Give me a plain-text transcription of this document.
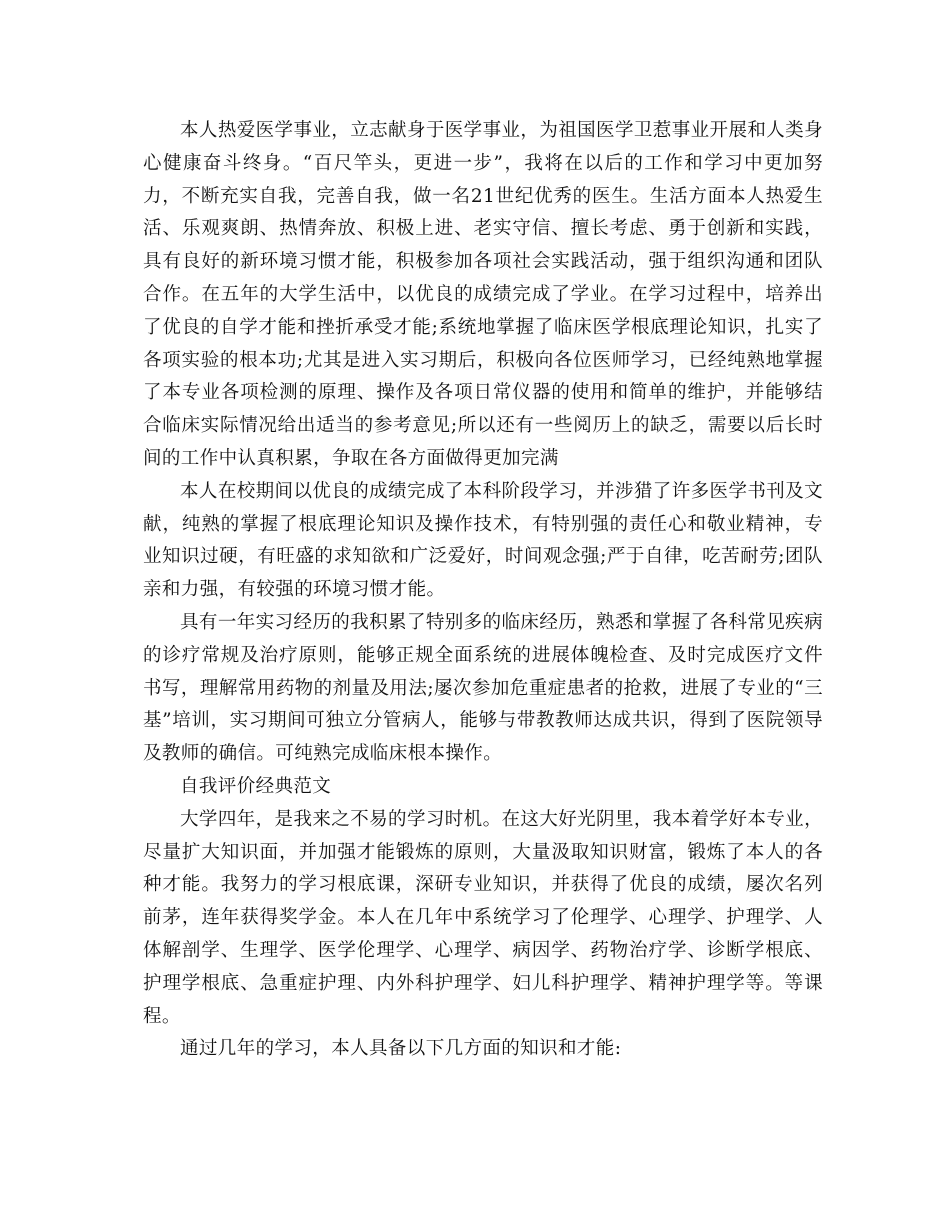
本人热爱医学事业，立志献身于医学事业，为祖国医学卫惹事业开展和人类身心健康奋斗终身。“百尺竿头，更进一步”，我将在以后的工作和学习中更加努力，不断充实自我，完善自我，做一名21世纪优秀的医生。生活方面本人热爱生活、乐观爽朗、热情奔放、积极上进、老实守信、擅长考虑、勇于创新和实践，具有良好的新环境习惯才能，积极参加各项社会实践活动，强于组织沟通和团队合作。在五年的大学生活中，以优良的成绩完成了学业。在学习过程中，培养出了优良的自学才能和挫折承受才能;系统地掌握了临床医学根底理论知识，扎实了各项实验的根本功;尤其是进入实习期后，积极向各位医师学习，已经纯熟地掌握了本专业各项检测的原理、操作及各项日常仪器的使用和简单的维护，并能够结合临床实际情况给出适当的参考意见;所以还有一些阅历上的缺乏，需要以后长时间的工作中认真积累，争取在各方面做得更加完满

本人在校期间以优良的成绩完成了本科阶段学习，并涉猎了许多医学书刊及文献，纯熟的掌握了根底理论知识及操作技术，有特别强的责任心和敬业精神，专业知识过硬，有旺盛的求知欲和广泛爱好，时间观念强;严于自律，吃苦耐劳;团队亲和力强，有较强的环境习惯才能。

具有一年实习经历的我积累了特别多的临床经历，熟悉和掌握了各科常见疾病的诊疗常规及治疗原则，能够正规全面系统的进展体魄检查、及时完成医疗文件书写，理解常用药物的剂量及用法;屡次参加危重症患者的抢救，进展了专业的“三基”培训，实习期间可独立分管病人，能够与带教教师达成共识，得到了医院领导及教师的确信。可纯熟完成临床根本操作。

自我评价经典范文

大学四年，是我来之不易的学习时机。在这大好光阴里，我本着学好本专业，尽量扩大知识面，并加强才能锻炼的原则，大量汲取知识财富，锻炼了本人的各种才能。我努力的学习根底课，深研专业知识，并获得了优良的成绩，屡次名列前茅，连年获得奖学金。本人在几年中系统学习了伦理学、心理学、护理学、人体解剖学、生理学、医学伦理学、心理学、病因学、药物治疗学、诊断学根底、护理学根底、急重症护理、内外科护理学、妇儿科护理学、精神护理学等。等课程。

通过几年的学习，本人具备以下几方面的知识和才能:
